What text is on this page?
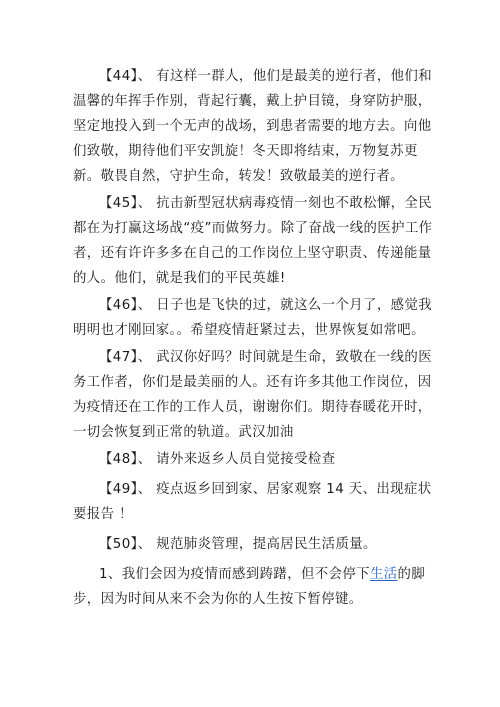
【44】、 有这样一群人，他们是最美的逆行者，他们和温馨的年挥手作别，背起行囊，戴上护目镜，身穿防护服，坚定地投入到一个无声的战场，到患者需要的地方去。向他们致敬，期待他们平安凯旋！冬天即将结束，万物复苏更新。敬畏自然，守护生命，转发！致敬最美的逆行者。

【45】、 抗击新型冠状病毒疫情一刻也不敢松懈，全民都在为打赢这场战“疫”而做努力。除了奋战一线的医护工作者，还有许许多多在自己的工作岗位上坚守职责、传递能量的人。他们，就是我们的平民英雄!

【46】、 日子也是飞快的过，就这么一个月了，感觉我明明也才刚回家。。希望疫情赶紧过去，世界恢复如常吧。

【47】、 武汉你好吗？时间就是生命，致敬在一线的医务工作者，你们是最美丽的人。还有许多其他工作岗位，因为疫情还在工作的工作人员，谢谢你们。期待春暖花开时，一切会恢复到正常的轨道。武汉加油

【48】、 请外来返乡人员自觉接受检查

【49】、 疫点返乡回到家、居家观察 14 天、出现症状要报告 ！

【50】、 规范肺炎管理，提高居民生活质量。

1、我们会因为疫情而感到踌躇，但不会停下生活的脚步，因为时间从来不会为你的人生按下暂停键。
